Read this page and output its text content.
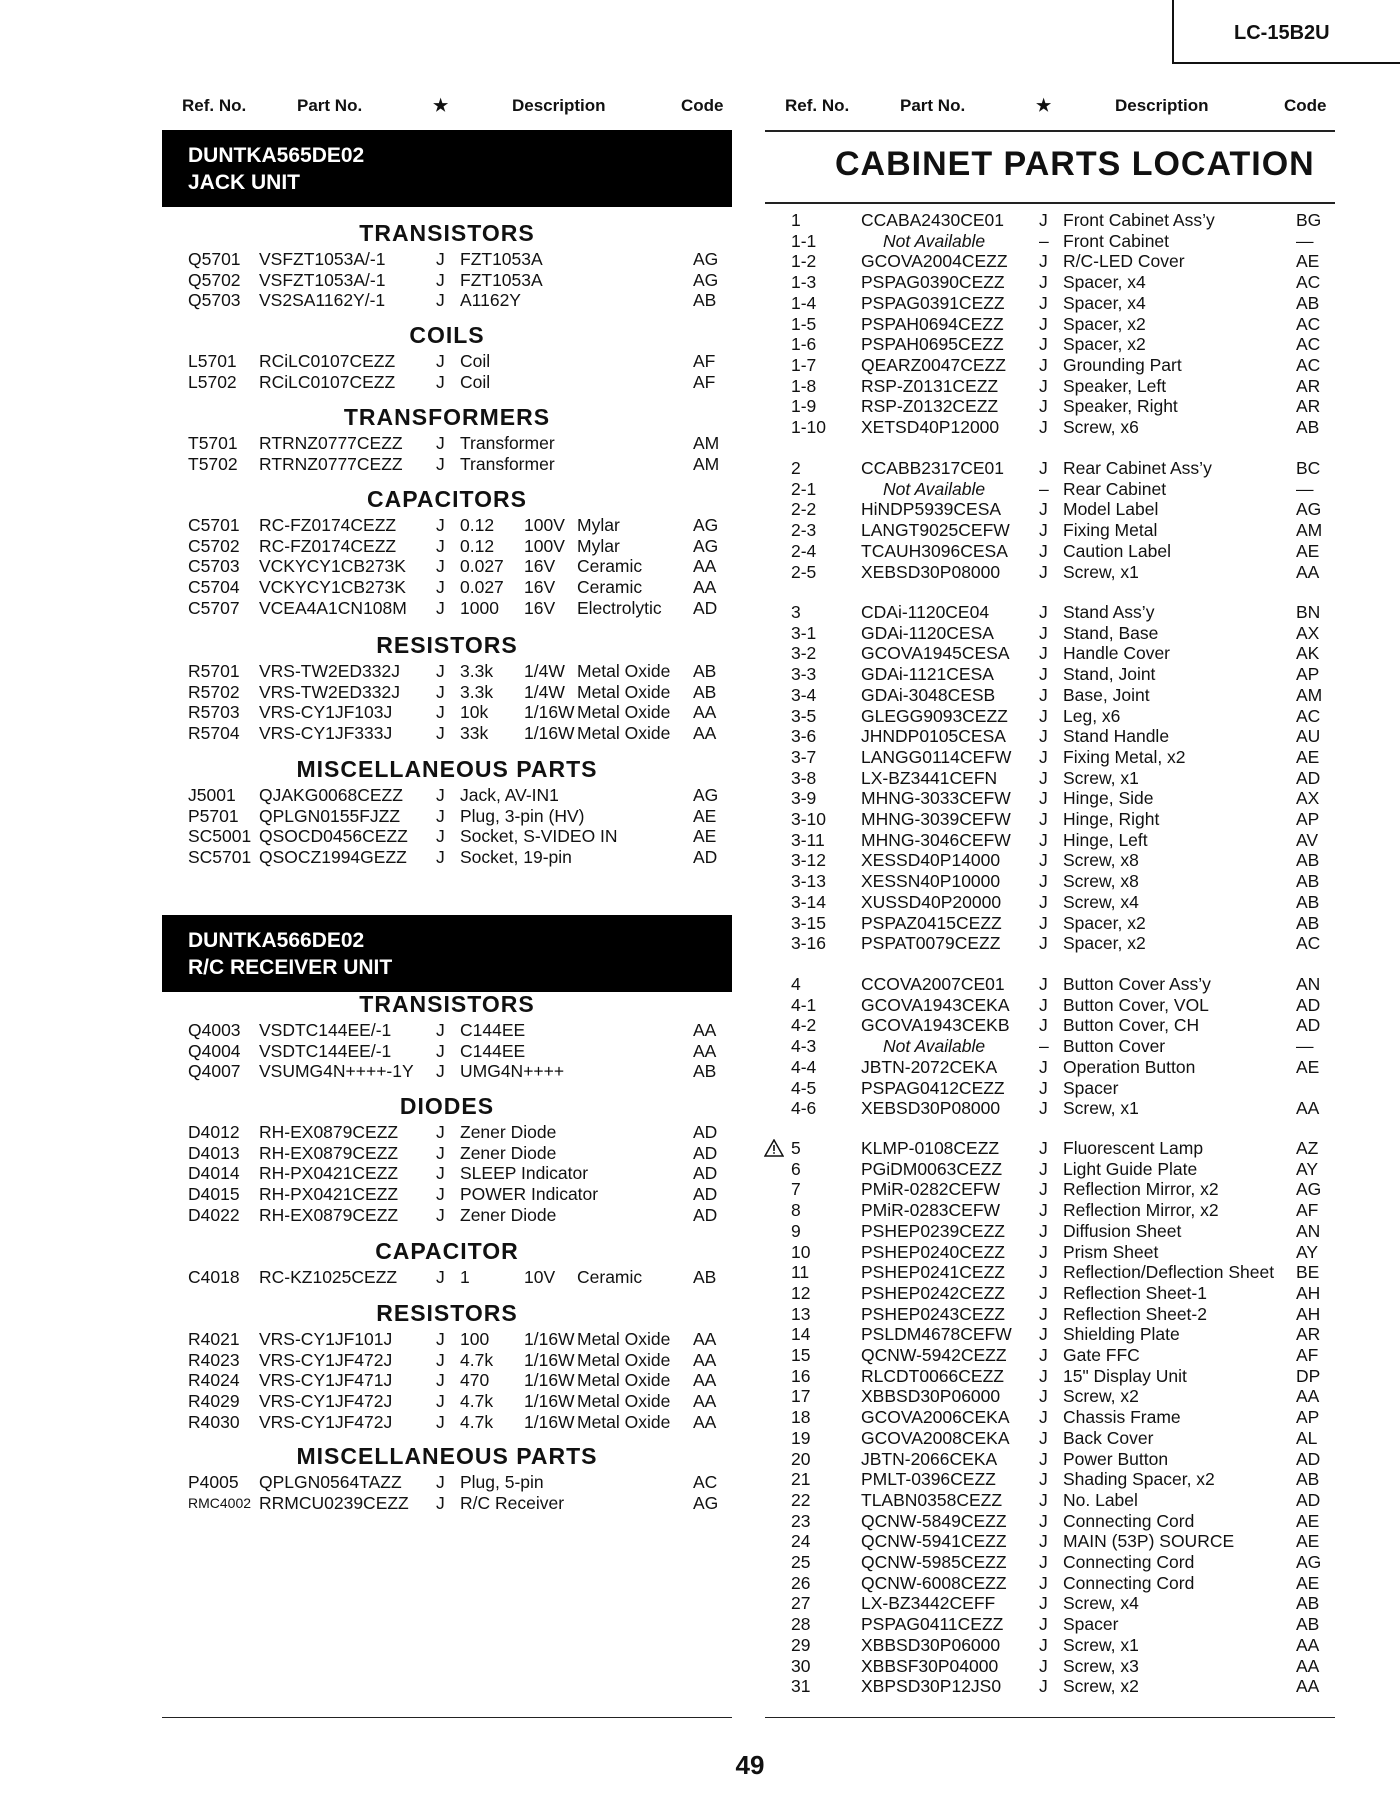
LC-15B2U
Ref. No.	Part No.	★	Description	Code	Ref. No.	Part No.	★	Description	Code
DUNTKA565DE02
JACK UNIT
TRANSISTORS
Q5701 VSFZT1053A/-1	J FZT1053A	AG
Q5702 VSFZT1053A/-1	J FZT1053A	AG
Q5703 VS2SA1162Y/-1	J A1162Y	AB
COILS
L5701 RCiLC0107CEZZ J Coil	AF
L5702 RCiLC0107CEZZ J Coil	AF
TRANSFORMERS
T5701 RTRNZ0777CEZZ J Transformer	AM
T5702 RTRNZ0777CEZZ J Transformer	AM
CAPACITORS
C5701 RC-FZ0174CEZZ J 0.12 100V Mylar	AG
C5702 RC-FZ0174CEZZ J 0.12 100V Mylar	AG
C5703 VCKYCY1CB273K J 0.027 16V Ceramic	AA
C5704 VCKYCY1CB273K J 0.027 16V Ceramic	AA
C5707 VCEA4A1CN108M J 1000 16V Electrolytic AD
RESISTORS
R5701 VRS-TW2ED332J J 3.3k 1/4W Metal Oxide AB
R5702 VRS-TW2ED332J J 3.3k 1/4W Metal Oxide AB
R5703 VRS-CY1JF103J	J 10k 1/16W Metal Oxide AA
R5704 VRS-CY1JF333J	J 33k 1/16W Metal Oxide AA
MISCELLANEOUS PARTS
J5001 QJAKG0068CEZZ J Jack, AV-IN1	AG
P5701 QPLGN0155FJZZ J Plug, 3-pin (HV)	AE
SC5001 QSOCD0456CEZZ J Socket, S-VIDEO IN	AE
SC5701 QSOCZ1994GEZZ J Socket, 19-pin	AD
DUNTKA566DE02
R/C RECEIVER UNIT
TRANSISTORS
Q4003 VSDTC144EE/-1	J C144EE	AA
Q4004 VSDTC144EE/-1	J C144EE	AA
Q4007 VSUMG4N++++-1Y J UMG4N++++	AB
DIODES
D4012 RH-EX0879CEZZ J Zener Diode	AD
D4013 RH-EX0879CEZZ J Zener Diode	AD
D4014 RH-PX0421CEZZ J SLEEP Indicator	AD
D4015 RH-PX0421CEZZ J POWER Indicator	AD
D4022 RH-EX0879CEZZ J Zener Diode	AD
CAPACITOR
C4018 RC-KZ1025CEZZ J 1	10V Ceramic	AB
RESISTORS
R4021 VRS-CY1JF101J	J 100 1/16W Metal Oxide AA
R4023 VRS-CY1JF472J	J 4.7k 1/16W Metal Oxide AA
R4024 VRS-CY1JF471J	J 470 1/16W Metal Oxide AA
R4029 VRS-CY1JF472J	J 4.7k 1/16W Metal Oxide AA
R4030 VRS-CY1JF472J	J 4.7k 1/16W Metal Oxide AA
MISCELLANEOUS PARTS
P4005 QPLGN0564TAZZ J Plug, 5-pin	AC
RMC4002 RRMCU0239CEZZ J R/C Receiver	AG
CABINET PARTS LOCATION
1	CCABA2430CE01 J Front Cabinet Ass’y	BG
1-1	Not Available	– Front Cabinet	—
1-2	GCOVA2004CEZZ J R/C-LED Cover	AE
1-3	PSPAG0390CEZZ J Spacer, x4	AC
1-4	PSPAG0391CEZZ J Spacer, x4	AB
1-5	PSPAH0694CEZZ J Spacer, x2	AC
1-6	PSPAH0695CEZZ J Spacer, x2	AC
1-7	QEARZ0047CEZZ J Grounding Part	AC
1-8	RSP-Z0131CEZZ J Speaker, Left	AR
1-9	RSP-Z0132CEZZ J Speaker, Right	AR
1-10 XETSD40P12000 J Screw, x6	AB
2	CCABB2317CE01 J Rear Cabinet Ass’y	BC
2-1	Not Available	– Rear Cabinet	—
2-2	HiNDP5939CESA J Model Label	AG
2-3	LANGT9025CEFW J Fixing Metal	AM
2-4	TCAUH3096CESA J Caution Label	AE
2-5	XEBSD30P08000 J Screw, x1	AA
3	CDAi-1120CE04	J Stand Ass’y	BN
3-1	GDAi-1120CESA	J Stand, Base	AX
3-2	GCOVA1945CESA J Handle Cover	AK
3-3	GDAi-1121CESA	J Stand, Joint	AP
3-4	GDAi-3048CESB	J Base, Joint	AM
3-5	GLEGG9093CEZZ J Leg, x6	AC
3-6	JHNDP0105CESA J Stand Handle	AU
3-7	LANGG0114CEFW J Fixing Metal, x2	AE
3-8	LX-BZ3441CEFN J Screw, x1	AD
3-9	MHNG-3033CEFW J Hinge, Side	AX
3-10 MHNG-3039CEFW J Hinge, Right	AP
3-11 MHNG-3046CEFW J Hinge, Left	AV
3-12 XESSD40P14000 J Screw, x8	AB
3-13 XESSN40P10000 J Screw, x8	AB
3-14 XUSSD40P20000 J Screw, x4	AB
3-15 PSPAZ0415CEZZ J Spacer, x2	AB
3-16 PSPAT0079CEZZ J Spacer, x2	AC
4	CCOVA2007CE01 J Button Cover Ass’y	AN
4-1	GCOVA1943CEKA J Button Cover, VOL	AD
4-2	GCOVA1943CEKB J Button Cover, CH	AD
4-3	Not Available	– Button Cover	—
4-4	JBTN-2072CEKA J Operation Button	AE
4-5	PSPAG0412CEZZ J Spacer
4-6	XEBSD30P08000 J Screw, x1	AA
5	KLMP-0108CEZZ J Fluorescent Lamp	AZ
6	PGiDM0063CEZZ J Light Guide Plate	AY
7	PMiR-0282CEFW J Reflection Mirror, x2	AG
8	PMiR-0283CEFW J Reflection Mirror, x2	AF
9	PSHEP0239CEZZ J Diffusion Sheet	AN
10	PSHEP0240CEZZ J Prism Sheet	AY
11	PSHEP0241CEZZ J Reflection/Deflection Sheet BE
12	PSHEP0242CEZZ J Reflection Sheet-1	AH
13	PSHEP0243CEZZ J Reflection Sheet-2	AH
14	PSLDM4678CEFW J Shielding Plate	AR
15	QCNW-5942CEZZ J Gate FFC	AF
16	RLCDT0066CEZZ J 15" Display Unit	DP
17	XBBSD30P06000 J Screw, x2	AA
18	GCOVA2006CEKA J Chassis Frame	AP
19	GCOVA2008CEKA J Back Cover	AL
20	JBTN-2066CEKA J Power Button	AD
21	PMLT-0396CEZZ J Shading Spacer, x2	AB
22	TLABN0358CEZZ J No. Label	AD
23	QCNW-5849CEZZ J Connecting Cord	AE
24	QCNW-5941CEZZ J MAIN (53P) SOURCE	AE
25	QCNW-5985CEZZ J Connecting Cord	AG
26	QCNW-6008CEZZ J Connecting Cord	AE
27	LX-BZ3442CEFF	J Screw, x4	AB
28	PSPAG0411CEZZ J Spacer	AB
29	XBBSD30P06000 J Screw, x1	AA
30	XBBSF30P04000 J Screw, x3	AA
31	XBPSD30P12JS0 J Screw, x2	AA
49
